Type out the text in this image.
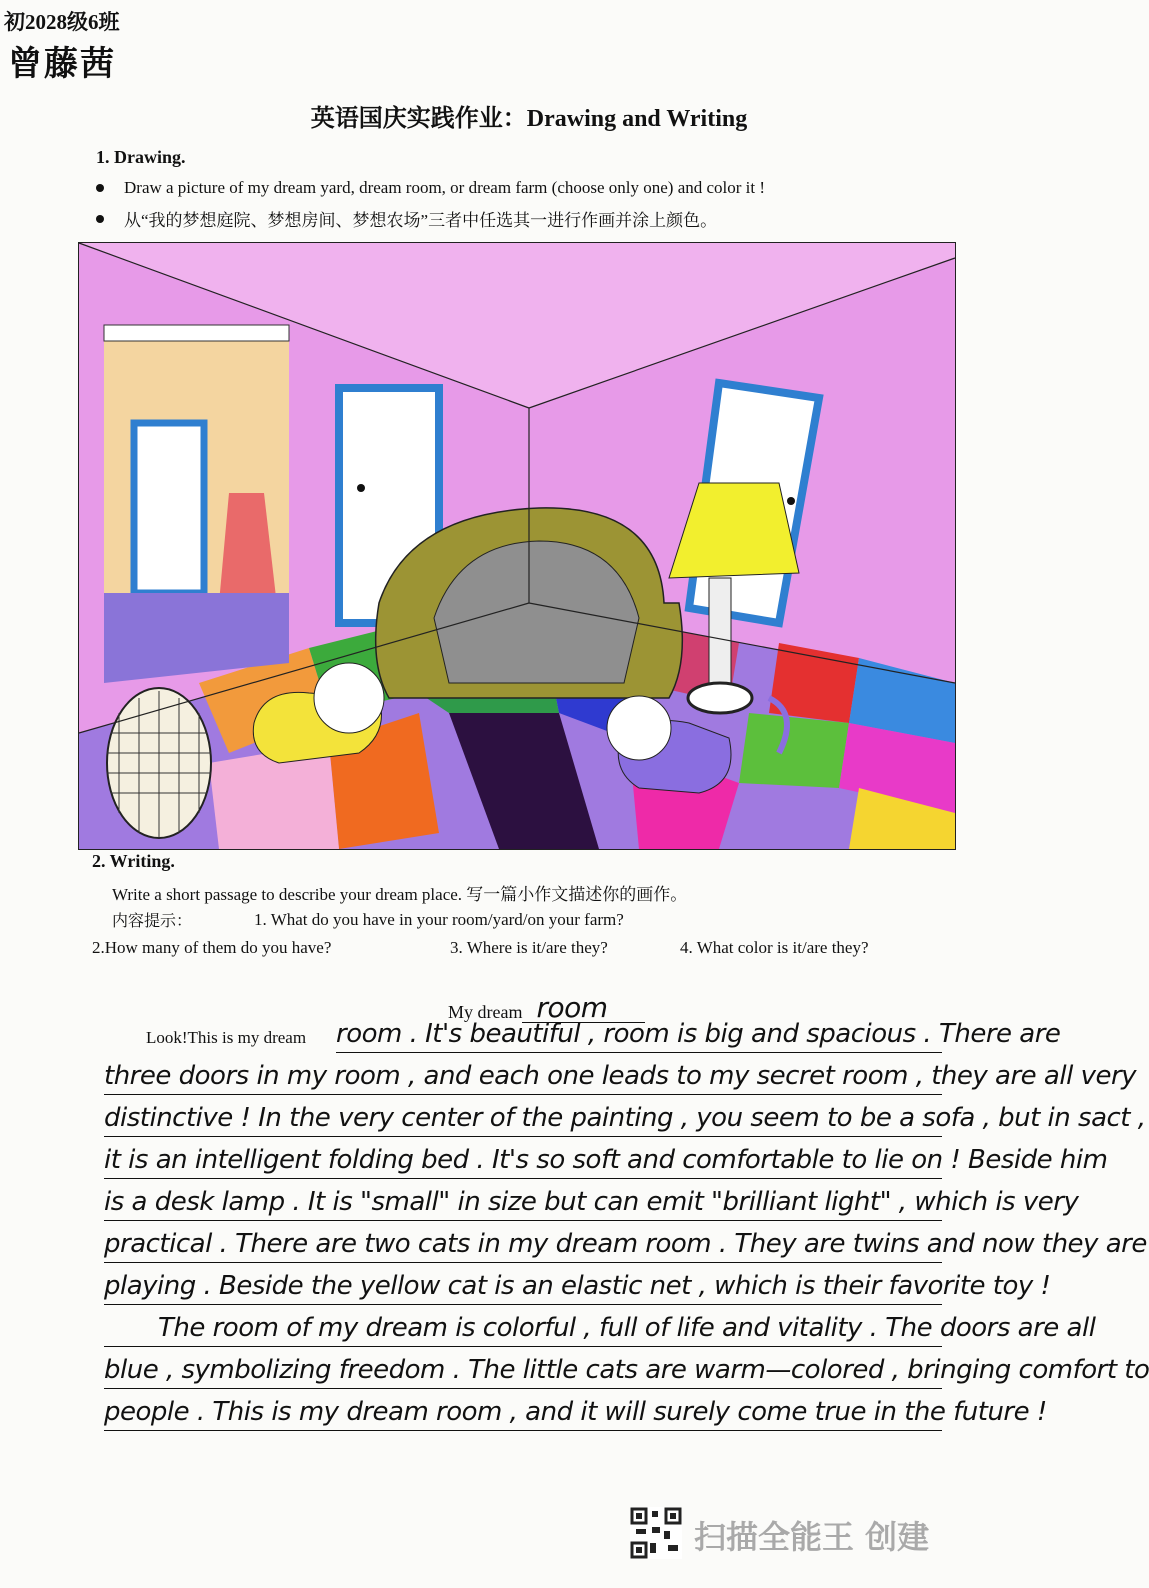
初2028级6班
曾藤茜
英语国庆实践作业：Drawing and Writing
1. Drawing.
Draw a picture of my dream yard, dream room, or dream farm (choose only one) and color it !
从“我的梦想庭院、梦想房间、梦想农场”三者中任选其一进行作画并涂上颜色。
2. Writing.
Write a short passage to describe your dream place. 写一篇小作文描述你的画作。
内容提示：	1. What do you have in your room/yard/on your farm?
2.How many of them do you have?	3. Where is it/are they?	4. What color is it/are they?
My dream room
Look!This is my dream room . It's beautiful , room is big and spacious . There are
three doors in my room , and each one leads to my secret room , they are all very
distinctive ! In the very center of the painting , you seem to be a sofa , but in sact ,
it is an intelligent folding bed . It's so soft and comfortable to lie on ! Beside him
is a desk lamp . It is "small" in size but can emit "brilliant light" , which is very
practical . There are two cats in my dream room . They are twins and now they are
playing . Beside the yellow cat is an elastic net , which is their favorite toy !
The room of my dream is colorful , full of life and vitality . The doors are all
blue , symbolizing freedom . The little cats are warm—colored , bringing comfort to
people . This is my dream room , and it will surely come true in the future !
扫描全能王 创建
